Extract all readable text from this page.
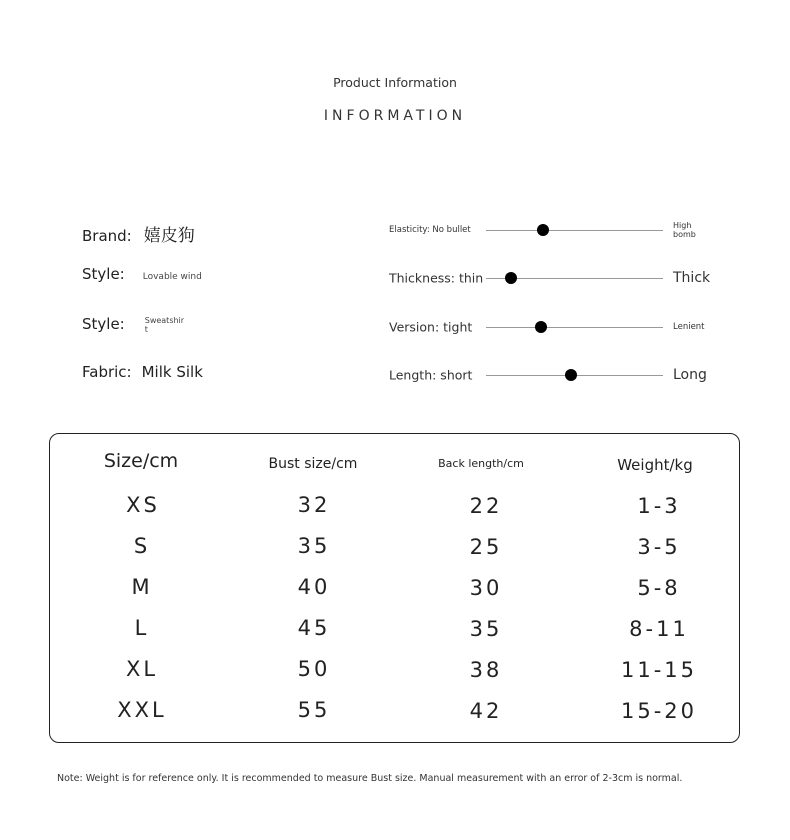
Product Information
INFORMATION
Brand: 嬉皮狗
Style: Lovable wind
Style:	Sweatshirt
Fabric: Milk Silk
Elasticity: No bullet	High bomb
Thickness: thin	Thick
Version: tight	Lenient
Length: short	Long
Size/cm	Bust size/cm	Back length/cm	Weight/kg
XS	32	22	1-3
S	35	25	3-5
M	40	30	5-8
L	45	35	8-11
XL	50	38	11-15
XXL	55	42	15-20
Note: Weight is for reference only. It is recommended to measure Bust size. Manual measurement with an error of 2-3cm is normal.
